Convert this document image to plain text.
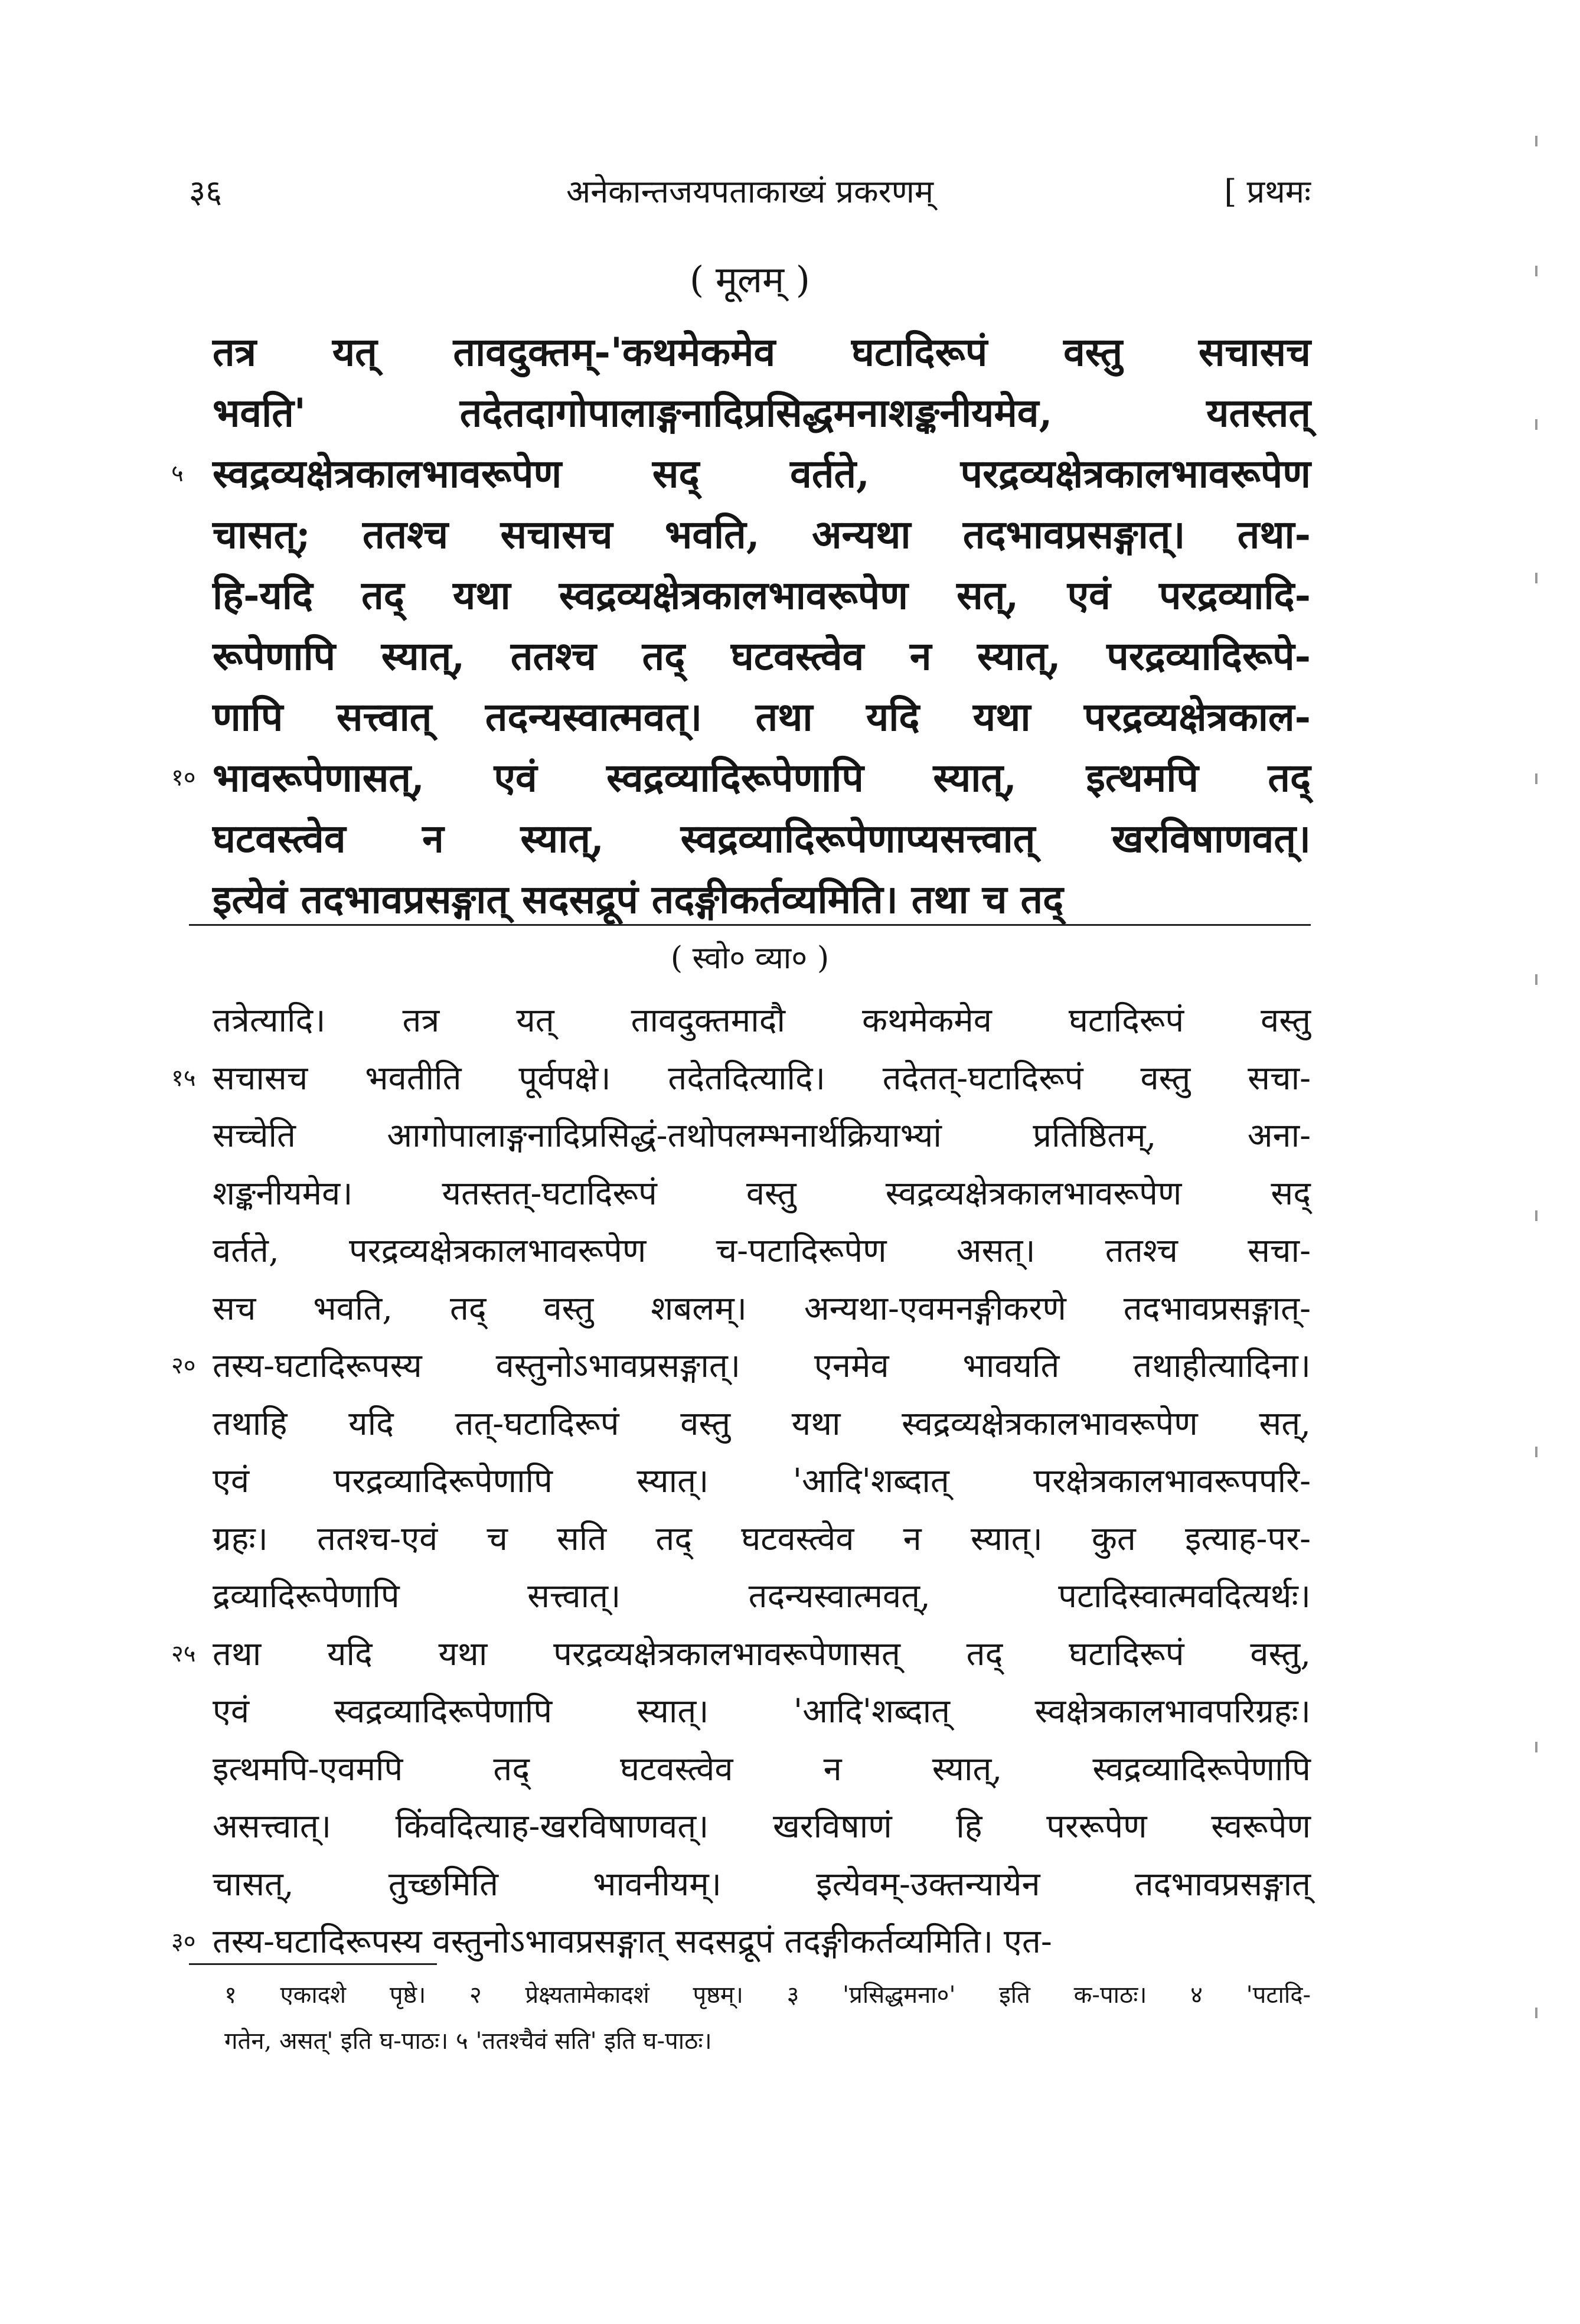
३६	अनेकान्तजयपताकाख्यं प्रकरणम्	[ प्रथमः
( मूलम् )
तत्र यत् तावदुक्तम्-'कथमेकमेव घटादिरूपं वस्तु सचासच
भवति' तदेतदागोपालाङ्गनादिप्रसिद्धमनाशङ्कनीयमेव, यतस्तत्
५ स्वद्रव्यक्षेत्रकालभावरूपेण सद् वर्तते, परद्रव्यक्षेत्रकालभावरूपेण
चासत्; ततश्च सचासच भवति, अन्यथा तदभावप्रसङ्गात्। तथा-
हि-यदि तद् यथा स्वद्रव्यक्षेत्रकालभावरूपेण सत्, एवं परद्रव्यादि-
रूपेणापि स्यात्, ततश्च तद् घटवस्त्वेव न स्यात्, परद्रव्यादिरूपे-
णापि सत्त्वात् तदन्यस्वात्मवत्। तथा यदि यथा परद्रव्यक्षेत्रकाल-
१० भावरूपेणासत्, एवं स्वद्रव्यादिरूपेणापि स्यात्, इत्थमपि तद्
घटवस्त्वेव न स्यात्, स्वद्रव्यादिरूपेणाप्यसत्त्वात् खरविषाणवत्।
इत्येवं तदभावप्रसङ्गात् सदसद्रूपं तदङ्गीकर्तव्यमिति। तथा च तद्
( स्वो० व्या० )
तत्रेत्यादि। तत्र यत् तावदुक्तमादौ कथमेकमेव घटादिरूपं वस्तु
१५ सचासच भवतीति पूर्वपक्षे। तदेतदित्यादि। तदेतत्-घटादिरूपं वस्तु सचा-
सच्चेति आगोपालाङ्गनादिप्रसिद्धं-तथोपलम्भनार्थक्रियाभ्यां प्रतिष्ठितम्, अना-
शङ्कनीयमेव। यतस्तत्-घटादिरूपं वस्तु स्वद्रव्यक्षेत्रकालभावरूपेण सद्
वर्तते, परद्रव्यक्षेत्रकालभावरूपेण च-पटादिरूपेण असत्। ततश्च सचा-
सच भवति, तद् वस्तु शबलम्। अन्यथा-एवमनङ्गीकरणे तदभावप्रसङ्गात्-
२० तस्य-घटादिरूपस्य वस्तुनोऽभावप्रसङ्गात्। एनमेव भावयति तथाहीत्यादिना।
तथाहि यदि तत्-घटादिरूपं वस्तु यथा स्वद्रव्यक्षेत्रकालभावरूपेण सत्,
एवं परद्रव्यादिरूपेणापि स्यात्। 'आदि'शब्दात् परक्षेत्रकालभावरूपपरि-
ग्रहः। ततश्च-एवं च सति तद् घटवस्त्वेव न स्यात्। कुत इत्याह-पर-
द्रव्यादिरूपेणापि सत्त्वात्। तदन्यस्वात्मवत्, पटादिस्वात्मवदित्यर्थः।
२५ तथा यदि यथा परद्रव्यक्षेत्रकालभावरूपेणासत् तद् घटादिरूपं वस्तु,
एवं स्वद्रव्यादिरूपेणापि स्यात्। 'आदि'शब्दात् स्वक्षेत्रकालभावपरिग्रहः।
इत्थमपि-एवमपि तद् घटवस्त्वेव न स्यात्, स्वद्रव्यादिरूपेणापि
असत्त्वात्। किंवदित्याह-खरविषाणवत्। खरविषाणं हि पररूपेण स्वरूपेण
चासत्, तुच्छमिति भावनीयम्। इत्येवम्-उक्तन्यायेन तदभावप्रसङ्गात्
३० तस्य-घटादिरूपस्य वस्तुनोऽभावप्रसङ्गात् सदसद्रूपं तदङ्गीकर्तव्यमिति। एत-
१ एकादशे पृष्ठे। २ प्रेक्ष्यतामेकादशं पृष्ठम्। ३ 'प्रसिद्धमना०' इति क-पाठः। ४ 'पटादि-
गतेन, असत्' इति घ-पाठः। ५ 'ततश्चैवं सति' इति घ-पाठः।
